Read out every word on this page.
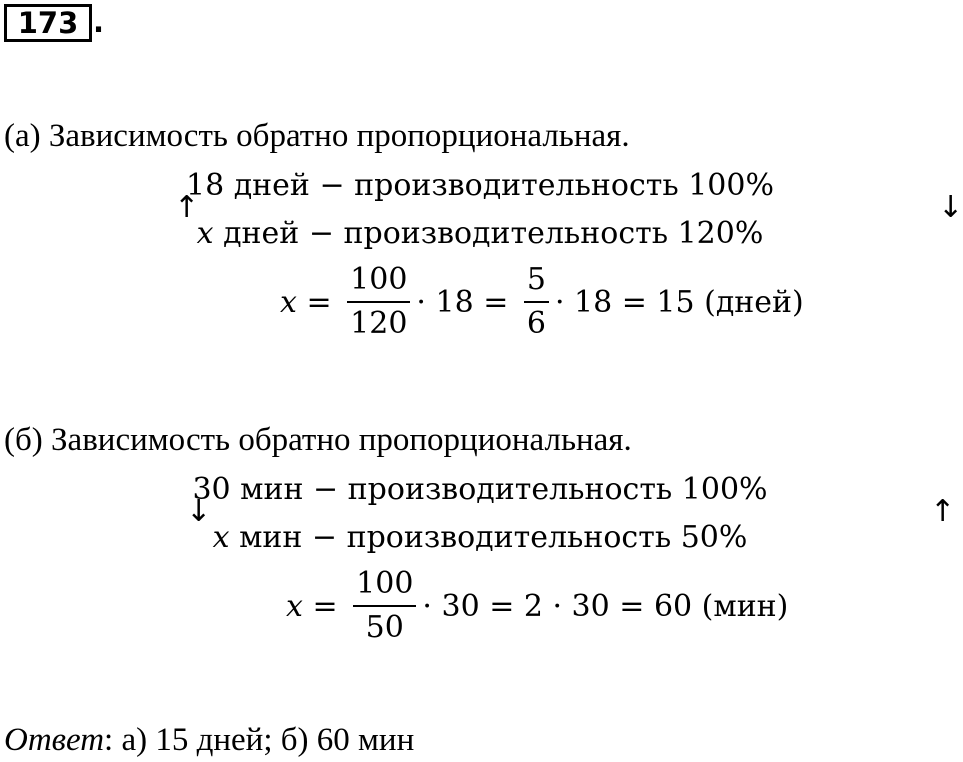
173 .
(а) Зависимость обратно пропорциональная.
↑	↓
18 дней − производительность 100%
x дней − производительность 120%
$x = \frac{100}{120} \cdot 18 = \frac{5}{6} \cdot 18 = 15$ (дней)
(б) Зависимость обратно пропорциональная.
↓	↑
30 мин − производительность 100%
x мин − производительность 50%
$x = \frac{100}{50} \cdot 30 = 2 \cdot 30 = 60$ (мин)
Ответ: а) 15 дней; б) 60 мин
